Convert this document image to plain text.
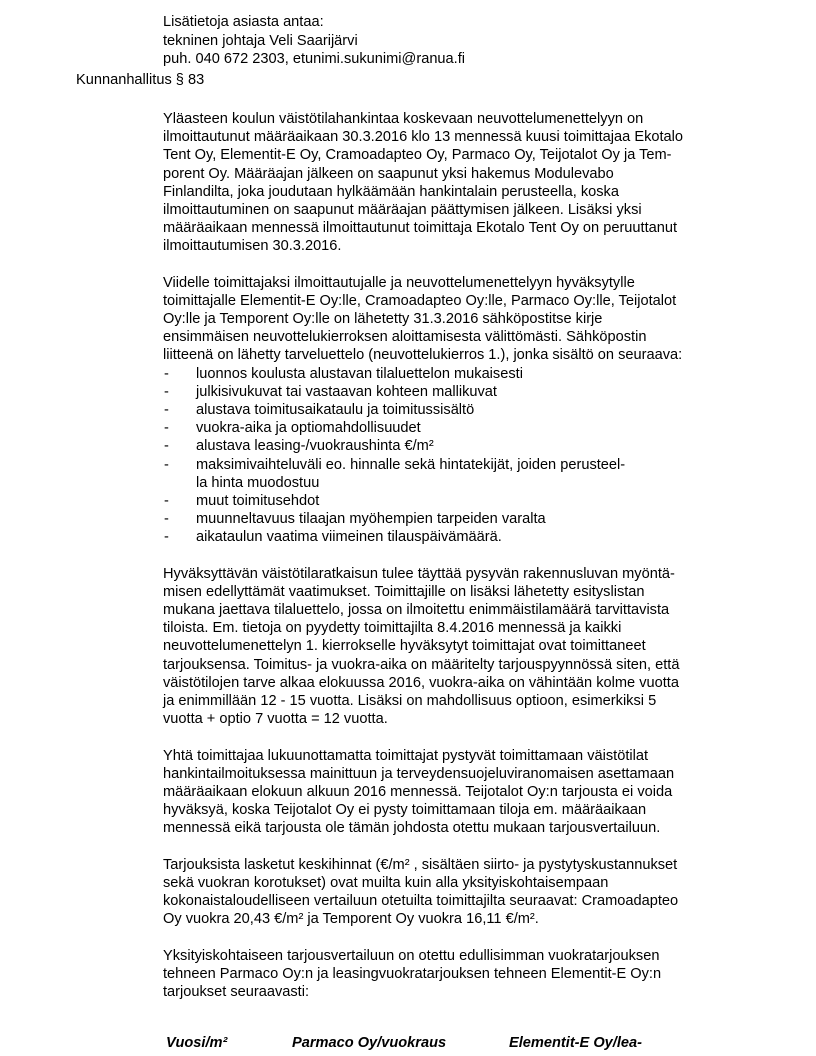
Lisätietoja asiasta antaa:
tekninen johtaja Veli Saarijärvi
puh. 040 672 2303, etunimi.sukunimi@ranua.fi
Kunnanhallitus § 83
Yläasteen koulun väistötilahankintaa koskevaan neuvottelumenettelyyn on
ilmoittautunut määräaikaan 30.3.2016 klo 13 mennessä kuusi toimittajaa Ekotalo
Tent Oy, Elementit-E Oy, Cramoadapteo Oy, Parmaco Oy, Teijotalot Oy ja Tem-
porent Oy. Määräajan jälkeen on saapunut yksi hakemus Modulevabo
Finlandilta, joka joudutaan hylkäämään hankintalain perusteella, koska
ilmoittautuminen on saapunut määräajan päättymisen jälkeen. Lisäksi yksi
määräaikaan mennessä ilmoittautunut toimittaja Ekotalo Tent Oy on peruuttanut
ilmoittautumisen 30.3.2016.
Viidelle toimittajaksi ilmoittautujalle ja neuvottelumenettelyyn hyväksytylle
toimittajalle Elementit-E Oy:lle, Cramoadapteo Oy:lle, Parmaco Oy:lle, Teijotalot
Oy:lle ja Temporent Oy:lle on lähetetty 31.3.2016 sähköpostitse kirje
ensimmäisen neuvottelukierroksen aloittamisesta välittömästi. Sähköpostin
liitteenä on lähetty tarveluettelo (neuvottelukierros 1.), jonka sisältö on seuraava:
- luonnos koulusta alustavan tilaluettelon mukaisesti
- julkisivukuvat tai vastaavan kohteen mallikuvat
- alustava toimitusaikataulu ja toimitussisältö
- vuokra-aika ja optiomahdollisuudet
- alustava leasing-/vuokraushinta €/m²
- maksimivaihteluväli eo. hinnalle sekä hintatekijät, joiden perusteel-
la hinta muodostuu
- muut toimitusehdot
- muunneltavuus tilaajan myöhempien tarpeiden varalta
- aikataulun vaatima viimeinen tilauspäivämäärä.
Hyväksyttävän väistötilaratkaisun tulee täyttää pysyvän rakennusluvan myöntä-
misen edellyttämät vaatimukset. Toimittajille on lisäksi lähetetty esityslistan
mukana jaettava tilaluettelo, jossa on ilmoitettu enimmäistilamäärä tarvittavista
tiloista. Em. tietoja on pyydetty toimittajilta 8.4.2016 mennessä ja kaikki
neuvottelumenettelyn 1. kierrokselle hyväksytyt toimittajat ovat toimittaneet
tarjouksensa. Toimitus- ja vuokra-aika on määritelty tarjouspyynnössä siten, että
väistötilojen tarve alkaa elokuussa 2016, vuokra-aika on vähintään kolme vuotta
ja enimmillään 12 - 15 vuotta. Lisäksi on mahdollisuus optioon, esimerkiksi 5
vuotta + optio 7 vuotta = 12 vuotta.
Yhtä toimittajaa lukuunottamatta toimittajat pystyvät toimittamaan väistötilat
hankintailmoituksessa mainittuun ja terveydensuojeluviranomaisen asettamaan
määräaikaan elokuun alkuun 2016 mennessä. Teijotalot Oy:n tarjousta ei voida
hyväksyä, koska Teijotalot Oy ei pysty toimittamaan tiloja em. määräaikaan
mennessä eikä tarjousta ole tämän johdosta otettu mukaan tarjousvertailuun.
Tarjouksista lasketut keskihinnat (€/m² , sisältäen siirto- ja pystytyskustannukset
sekä vuokran korotukset) ovat muilta kuin alla yksityiskohtaisempaan
kokonaistaloudelliseen vertailuun otetuilta toimittajilta seuraavat: Cramoadapteo
Oy vuokra 20,43 €/m² ja Temporent Oy vuokra 16,11 €/m².
Yksityiskohtaiseen tarjousvertailuun on otettu edullisimman vuokratarjouksen
tehneen Parmaco Oy:n ja leasingvuokratarjouksen tehneen Elementit-E Oy:n
tarjoukset seuraavasti:
Vuosi/m²	Parmaco Oy/vuokraus	Elementit-E Oy/lea-
